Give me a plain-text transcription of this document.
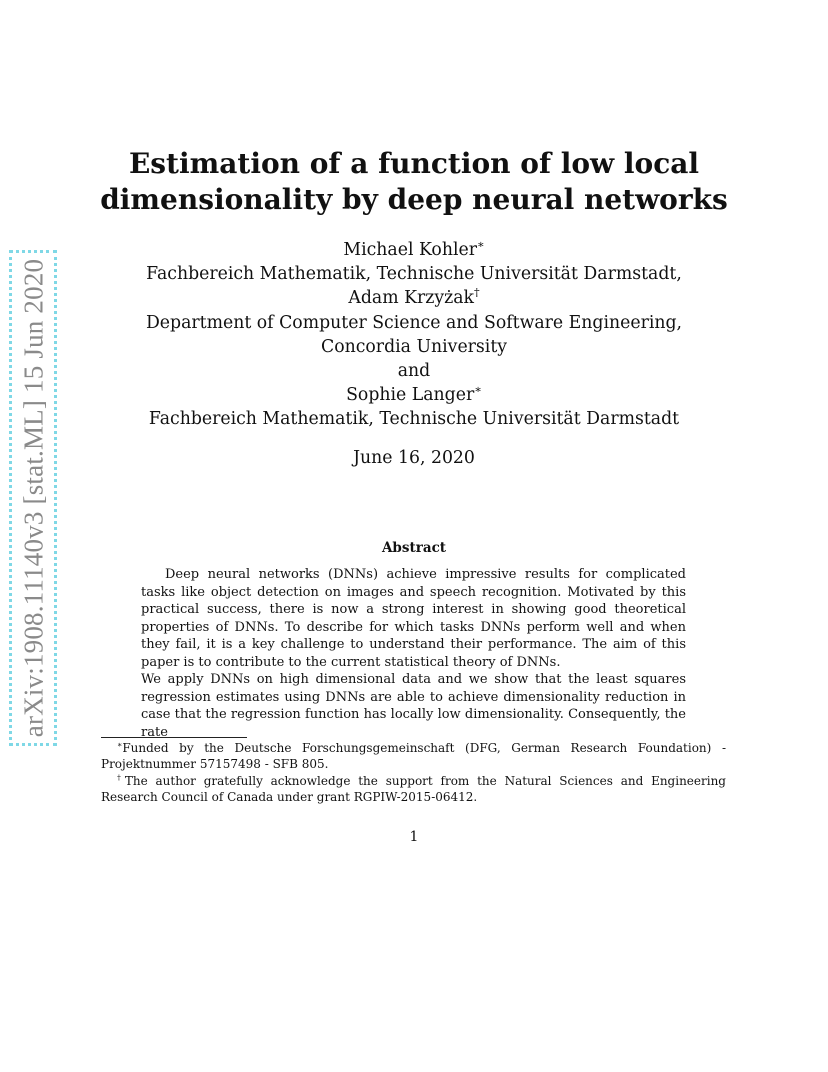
arXiv:1908.11140v3 [stat.ML] 15 Jun 2020
Estimation of a function of low local
dimensionality by deep neural networks
Michael Kohler∗
Fachbereich Mathematik, Technische Universität Darmstadt,
Adam Krzyżak†
Department of Computer Science and Software Engineering,
Concordia University
and
Sophie Langer∗
Fachbereich Mathematik, Technische Universität Darmstadt
June 16, 2020
Abstract

Deep neural networks (DNNs) achieve impressive results for complicated tasks like object detection on images and speech recognition. Motivated by this practical success, there is now a strong interest in showing good theoretical properties of DNNs. To describe for which tasks DNNs perform well and when they fail, it is a key challenge to understand their performance. The aim of this paper is to contribute to the current statistical theory of DNNs.

We apply DNNs on high dimensional data and we show that the least squares regression estimates using DNNs are able to achieve dimensionality reduction in case that the regression function has locally low dimensionality. Consequently, the rate

∗Funded by the Deutsche Forschungsgemeinschaft (DFG, German Research Foundation) - Projektnummer 57157498 - SFB 805.

†The author gratefully acknowledge the support from the Natural Sciences and Engineering Research Council of Canada under grant RGPIW-2015-06412.

1
